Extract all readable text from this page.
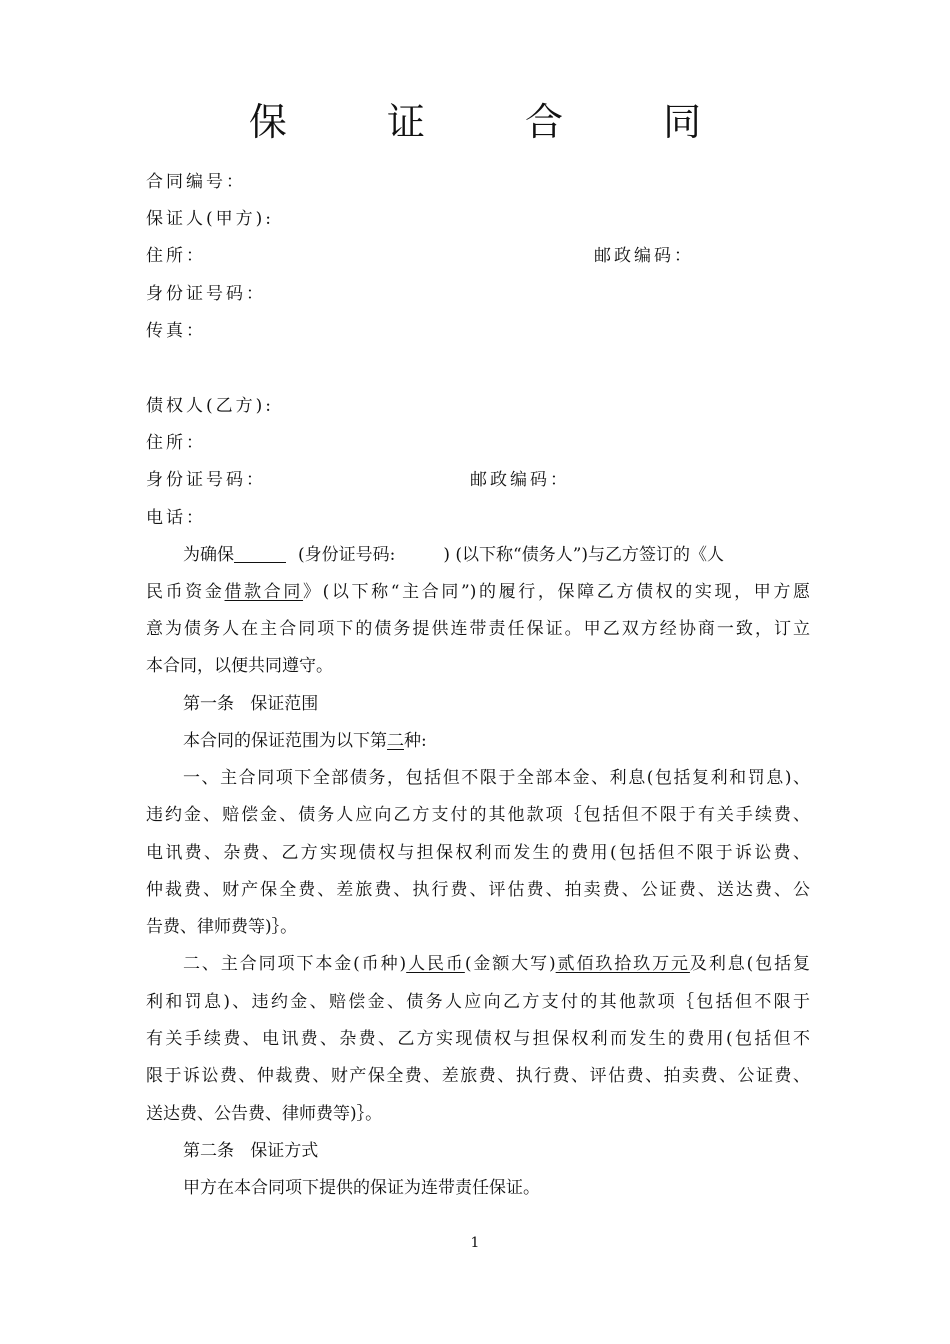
保 证 合 同
合同编号：
保证人(甲方):
住所：	邮政编码：
身份证号码：
传真：
债权人(乙方):
住所：
身份证号码：	邮政编码：
电话：
为确保	(身份证号码:	) (以下称“债务人”)与乙方签订的《人
民币资金借款合同》(以下称“主合同”)的履行，保障乙方债权的实现，甲方愿
意为债务人在主合同项下的债务提供连带责任保证。甲乙双方经协商一致，订立
本合同，以便共同遵守。
第一条   保证范围
本合同的保证范围为以下第二种:
一、主合同项下全部债务，包括但不限于全部本金、利息(包括复利和罚息)、
违约金、赔偿金、债务人应向乙方支付的其他款项｛包括但不限于有关手续费、
电讯费、杂费、乙方实现债权与担保权利而发生的费用(包括但不限于诉讼费、
仲裁费、财产保全费、差旅费、执行费、评估费、拍卖费、公证费、送达费、公
告费、律师费等)｝。
二、主合同项下本金(币种)人民币(金额大写)贰佰玖拾玖万元及利息(包括复
利和罚息)、违约金、赔偿金、债务人应向乙方支付的其他款项｛包括但不限于
有关手续费、电讯费、杂费、乙方实现债权与担保权利而发生的费用(包括但不
限于诉讼费、仲裁费、财产保全费、差旅费、执行费、评估费、拍卖费、公证费、
送达费、公告费、律师费等)｝。
第二条   保证方式
甲方在本合同项下提供的保证为连带责任保证。
1
